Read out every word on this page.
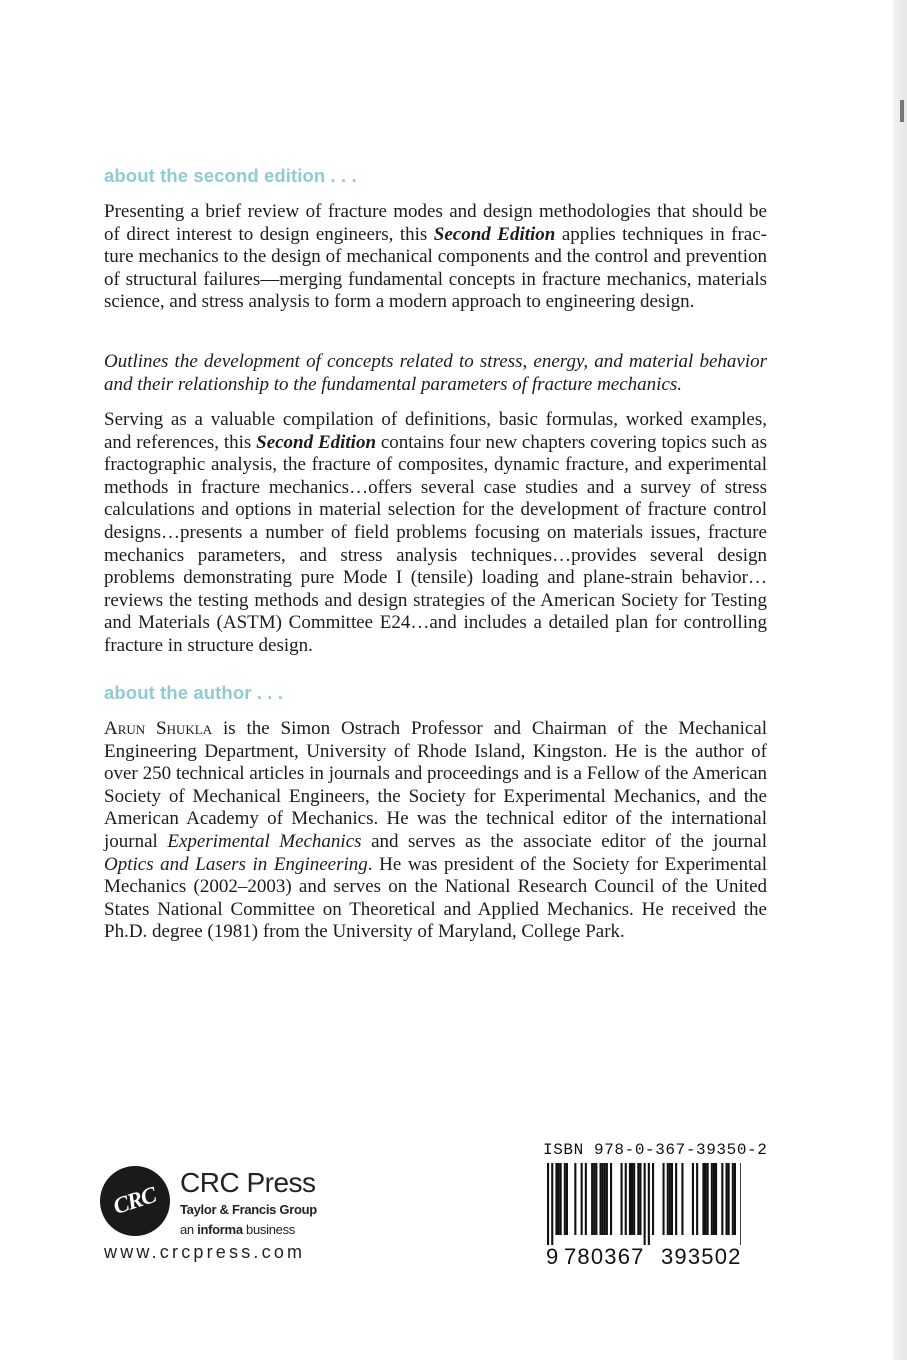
about the second edition . . .

Presenting a brief review of fracture modes and design methodologies that should be of direct interest to design engineers, this Second Edition applies techniques in fracture mechanics to the design of mechanical components and the control and prevention of structural failures—merging fundamental concepts in fracture mechanics, materials science, and stress analysis to form a modern approach to engineering design.

Outlines the development of concepts related to stress, energy, and material behavior and their relationship to the fundamental parameters of fracture mechanics.

Serving as a valuable compilation of definitions, basic formulas, worked examples, and references, this Second Edition contains four new chapters covering topics such as fractographic analysis, the fracture of composites, dynamic fracture, and experimental methods in fracture mechanics…offers several case studies and a survey of stress calculations and options in material selection for the development of fracture control designs…presents a number of field problems focusing on materials issues, fracture mechanics parameters, and stress analysis techniques…provides several design problems demonstrating pure Mode I (tensile) loading and plane-strain behavior…reviews the testing methods and design strategies of the American Society for Testing and Materials (ASTM) Committee E24…and includes a detailed plan for controlling fracture in structure design.

about the author . . .

Arun Shukla is the Simon Ostrach Professor and Chairman of the Mechanical Engineering Department, University of Rhode Island, Kingston. He is the author of over 250 technical articles in journals and proceedings and is a Fellow of the American Society of Mechanical Engineers, the Society for Experimental Mechanics, and the American Academy of Mechanics. He was the technical editor of the international journal Experimental Mechanics and serves as the associate editor of the journal Optics and Lasers in Engineering. He was president of the Society for Experimental Mechanics (2002–2003) and serves on the National Research Council of the United States National Committee on Theoretical and Applied Mechanics. He received the Ph.D. degree (1981) from the University of Maryland, College Park.

CRC CRC Press
Taylor & Francis Group
an informa business
www.crcpress.com
ISBN 978-0-367-39350-2
9 780367 393502
